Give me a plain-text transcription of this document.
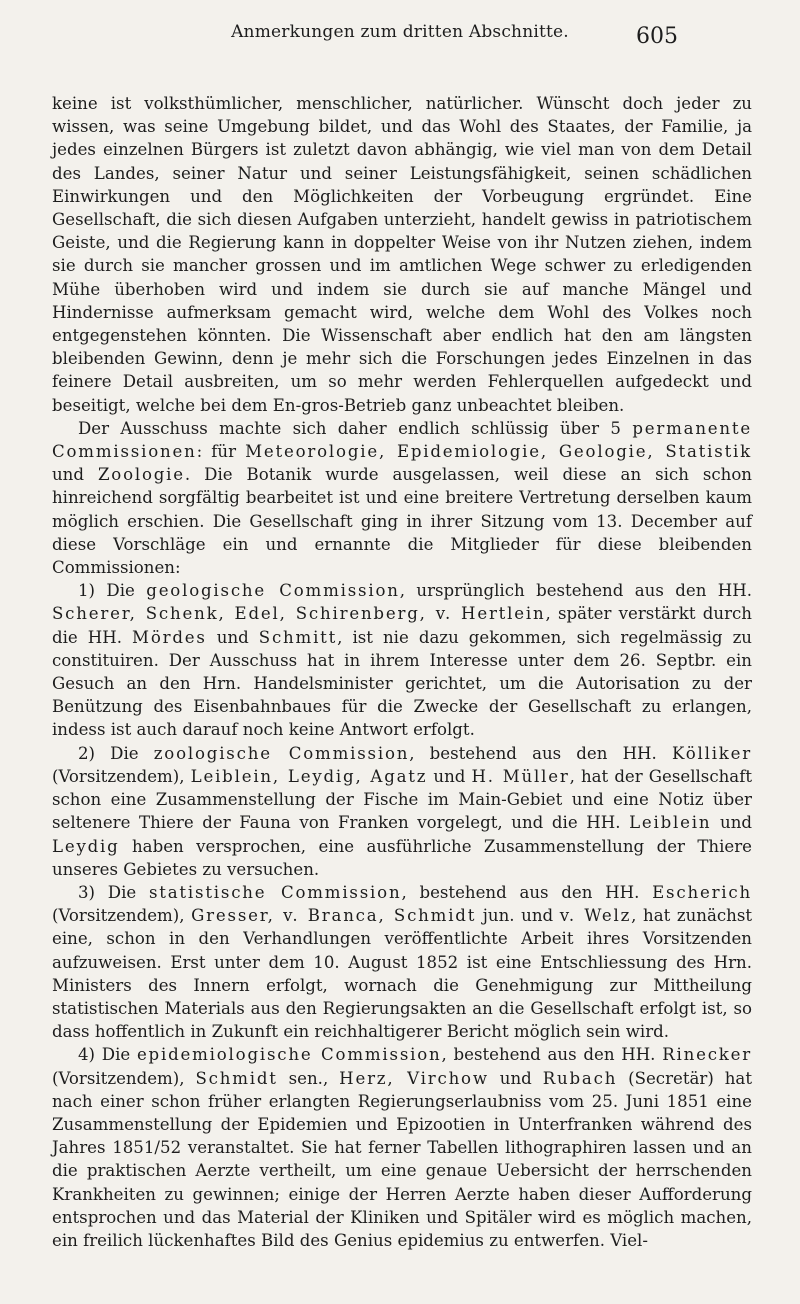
Anmerkungen zum dritten Abschnitte.	605

keine ist volksthümlicher, menschlicher, natürlicher. Wünscht doch jeder zu wissen, was seine Umgebung bildet, und das Wohl des Staates, der Familie, ja jedes einzelnen Bürgers ist zuletzt davon abhängig, wie viel man von dem Detail des Landes, seiner Natur und seiner Leistungsfähigkeit, seinen schädlichen Einwirkungen und den Möglichkeiten der Vorbeugung ergründet. Eine Gesellschaft, die sich diesen Aufgaben unterzieht, handelt gewiss in patriotischem Geiste, und die Regierung kann in doppelter Weise von ihr Nutzen ziehen, indem sie durch sie mancher grossen und im amtlichen Wege schwer zu erledigenden Mühe überhoben wird und indem sie durch sie auf manche Mängel und Hindernisse aufmerksam gemacht wird, welche dem Wohl des Volkes noch entgegenstehen könnten. Die Wissenschaft aber endlich hat den am längsten bleibenden Gewinn, denn je mehr sich die Forschungen jedes Einzelnen in das feinere Detail ausbreiten, um so mehr werden Fehlerquellen aufgedeckt und beseitigt, welche bei dem En-gros-Betrieb ganz unbeachtet bleiben.

Der Ausschuss machte sich daher endlich schlüssig über 5 permanente Commissionen: für Meteorologie, Epidemiologie, Geologie, Statistik und Zoologie. Die Botanik wurde ausgelassen, weil diese an sich schon hinreichend sorgfältig bearbeitet ist und eine breitere Vertretung derselben kaum möglich erschien. Die Gesellschaft ging in ihrer Sitzung vom 13. December auf diese Vorschläge ein und ernannte die Mitglieder für diese bleibenden Commissionen:

1) Die geologische Commission, ursprünglich bestehend aus den HH. Scherer, Schenk, Edel, Schirenberg, v. Hertlein, später verstärkt durch die HH. Mördes und Schmitt, ist nie dazu gekommen, sich regelmässig zu constituiren. Der Ausschuss hat in ihrem Interesse unter dem 26. Septbr. ein Gesuch an den Hrn. Handelsminister gerichtet, um die Autorisation zu der Benützung des Eisenbahnbaues für die Zwecke der Gesellschaft zu erlangen, indess ist auch darauf noch keine Antwort erfolgt.

2) Die zoologische Commission, bestehend aus den HH. Kölliker (Vorsitzendem), Leiblein, Leydig, Agatz und H. Müller, hat der Gesellschaft schon eine Zusammenstellung der Fische im Main-Gebiet und eine Notiz über seltenere Thiere der Fauna von Franken vorgelegt, und die HH. Leiblein und Leydig haben versprochen, eine ausführliche Zusammenstellung der Thiere unseres Gebietes zu versuchen.

3) Die statistische Commission, bestehend aus den HH. Escherich (Vorsitzendem), Gresser, v. Branca, Schmidt jun. und v. Welz, hat zunächst eine, schon in den Verhandlungen veröffentlichte Arbeit ihres Vorsitzenden aufzuweisen. Erst unter dem 10. August 1852 ist eine Entschliessung des Hrn. Ministers des Innern erfolgt, wornach die Genehmigung zur Mittheilung statistischen Materials aus den Regierungsakten an die Gesellschaft erfolgt ist, so dass hoffentlich in Zukunft ein reichhaltigerer Bericht möglich sein wird.

4) Die epidemiologische Commission, bestehend aus den HH. Rinecker (Vorsitzendem), Schmidt sen., Herz, Virchow und Rubach (Secretär) hat nach einer schon früher erlangten Regierungserlaubniss vom 25. Juni 1851 eine Zusammenstellung der Epidemien und Epizootien in Unterfranken während des Jahres 1851/52 veranstaltet. Sie hat ferner Tabellen lithographiren lassen und an die praktischen Aerzte vertheilt, um eine genaue Uebersicht der herrschenden Krankheiten zu gewinnen; einige der Herren Aerzte haben dieser Aufforderung entsprochen und das Material der Kliniken und Spitäler wird es möglich machen, ein freilich lückenhaftes Bild des Genius epidemius zu entwerfen. Viel-
